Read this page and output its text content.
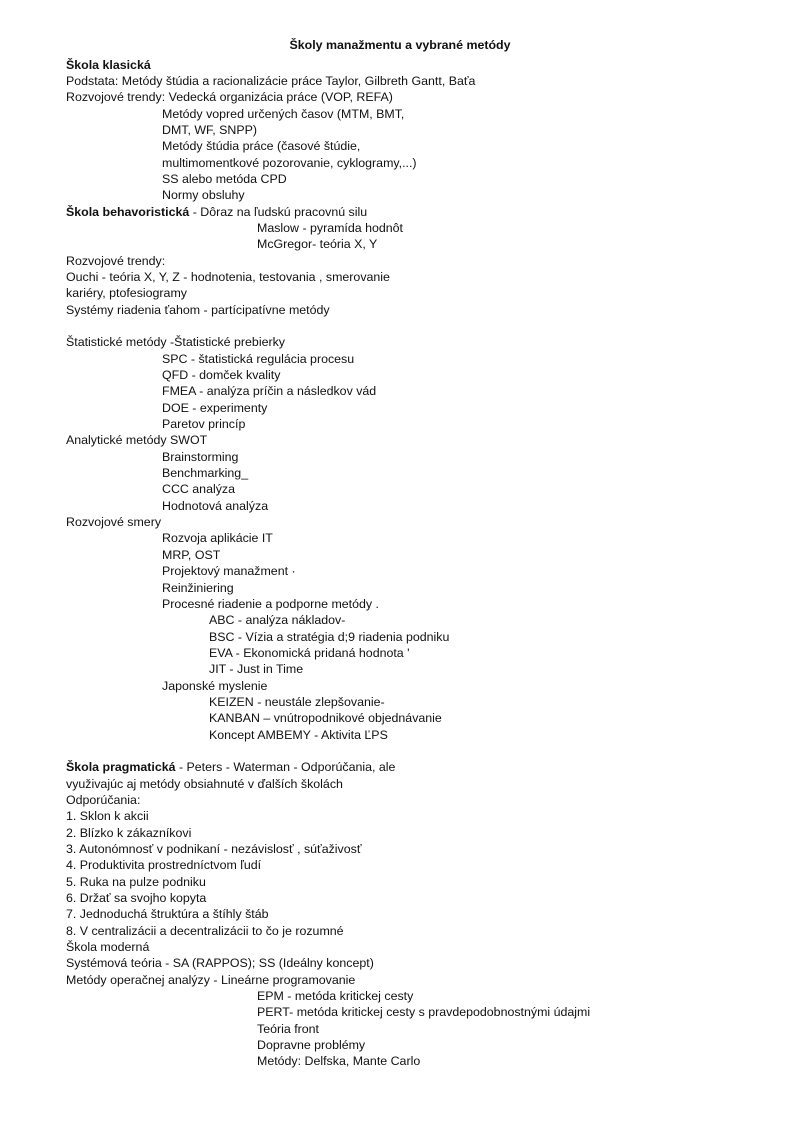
Školy manažmentu a vybrané metódy
Škola klasická
Podstata: Metódy štúdia a racionalizácie práce Taylor, Gilbreth Gantt, Baťa
Rozvojové trendy: Vedecká organizácia práce (VOP, REFA)
Metódy vopred určených časov (MTM, BMT,
DMT, WF, SNPP)
Metódy štúdia práce (časové štúdie,
multimomentkové pozorovanie, cyklogramy,...)
SS alebo metóda CPD
Normy obsluhy
Škola behavoristická - Dôraz na ľudskú pracovnú silu
Maslow - pyramída hodnôt
McGregor- teória X, Y
Rozvojové trendy:
Ouchi - teória X, Y, Z - hodnotenia, testovania , smerovanie
kariéry, ptofesiogramy
Systémy riadenia ťahom - partícipatívne metódy
Štatistické metódy -Štatistické prebierky
SPC - štatistická regulácia procesu
QFD - domček kvality
FMEA - analýza príčin a následkov vád
DOE - experimenty
Paretov princíp
Analytické metódy SWOT
Brainstorming
Benchmarking_
CCC analýza
Hodnotová analýza
Rozvojové smery
Rozvoja aplikácie IT
MRP, OST
Projektový manažment ·
Reinžiniering
Procesné riadenie a podporne metódy .
ABC - analýza nákladov-
BSC - Vízia a stratégia d;9 riadenia podniku
EVA - Ekonomická pridaná hodnota '
JIT - Just in Time
Japonské myslenie
KEIZEN - neustále zlepšovanie-
KANBAN – vnútropodnikové objednávanie
Koncept AMBEMY - Aktivita ĽPS
Škola pragmatická - Peters - Waterman - Odporúčania, ale
využivajúc aj metódy obsiahnuté v ďalších školách
Odporúčania:
1. Sklon k akcii
2. Blízko k zákazníkovi
3. Autonómnosť v podnikaní - nezávislosť , súťaživosť
4. Produktivita prostredníctvom ľudí
5. Ruka na pulze podniku
6. Držať sa svojho kopyta
7. Jednoduchá štruktúra a štíhly štáb
8. V centralizácii a decentralizácii to čo je rozumné
Škola moderná
Systémová teória - SA (RAPPOS); SS (Ideálny koncept)
Metódy operačnej analýzy - Lineárne programovanie
EPM - metóda kritickej cesty
PERT- metóda kritickej cesty s pravdepodobnostnými údajmi
Teória front
Dopravne problémy
Metódy: Delfska, Mante Carlo
